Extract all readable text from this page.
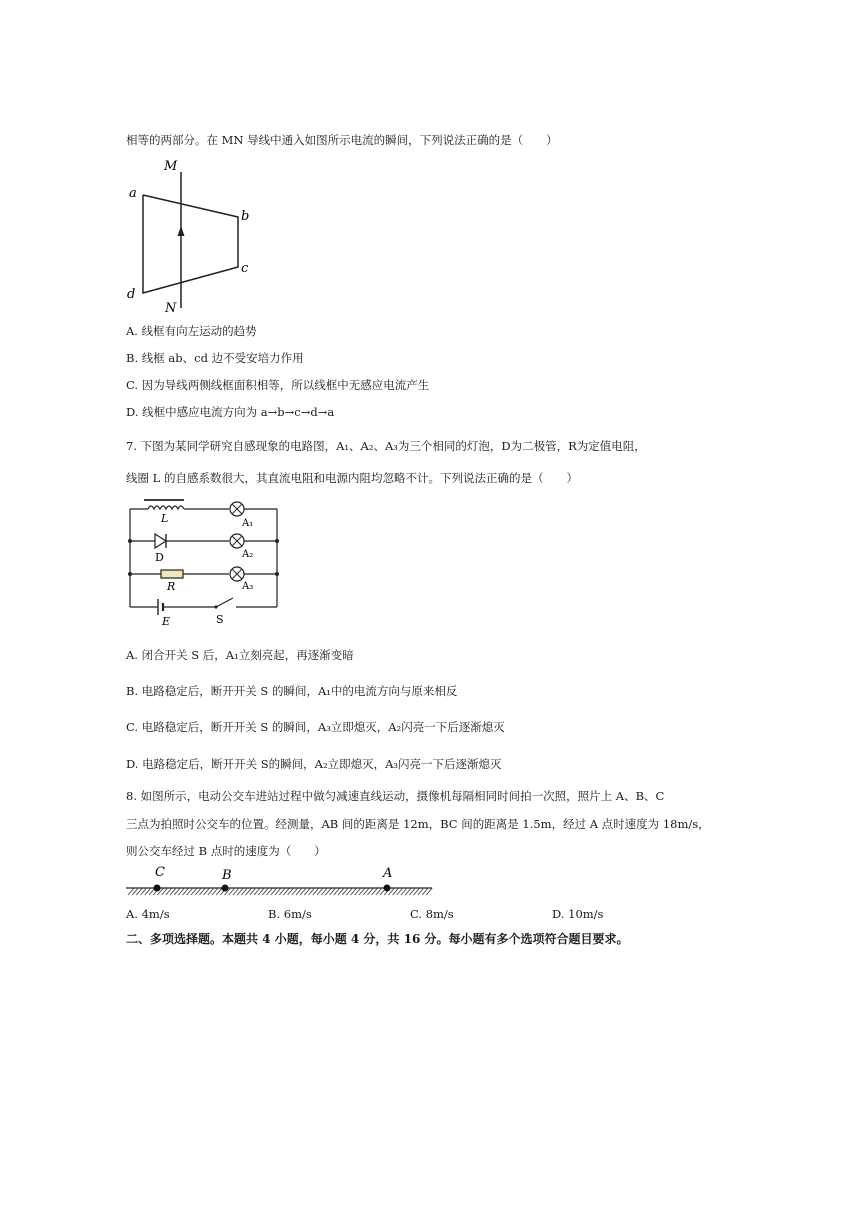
相等的两部分。在 MN 导线中通入如图所示电流的瞬间，下列说法正确的是（　　）
M
N
a
b
c
d
A. 线框有向左运动的趋势
B. 线框 ab、cd 边不受安培力作用
C. 因为导线两侧线框面积相等，所以线框中无感应电流产生
D. 线框中感应电流方向为 a→b→c→d→a
7. 下图为某同学研究自感现象的电路图，A₁、A₂、A₃为三个相同的灯泡，D为二极管，R为定值电阻，
线圈 L 的自感系数很大，其直流电阻和电源内阻均忽略不计。下列说法正确的是（　　）
L	A₁
D	A₂
R	A₃
E	S
A. 闭合开关 S 后，A₁立刻亮起，再逐渐变暗
B. 电路稳定后，断开开关 S 的瞬间，A₁中的电流方向与原来相反
C. 电路稳定后，断开开关 S 的瞬间，A₃立即熄灭，A₂闪亮一下后逐渐熄灭
D. 电路稳定后，断开开关 S的瞬间，A₂立即熄灭，A₃闪亮一下后逐渐熄灭
8. 如图所示，电动公交车进站过程中做匀减速直线运动，摄像机每隔相同时间拍一次照，照片上 A、B、C
三点为拍照时公交车的位置。经测量，AB 间的距离是 12m，BC 间的距离是 1.5m，经过 A 点时速度为 18m/s，
则公交车经过 B 点时的速度为（　　）
C	B	A
A. 4m/s	B. 6m/s	C. 8m/s	D. 10m/s
二、多项选择题。本题共 4 小题，每小题 4 分，共 16 分。每小题有多个选项符合题目要求。
